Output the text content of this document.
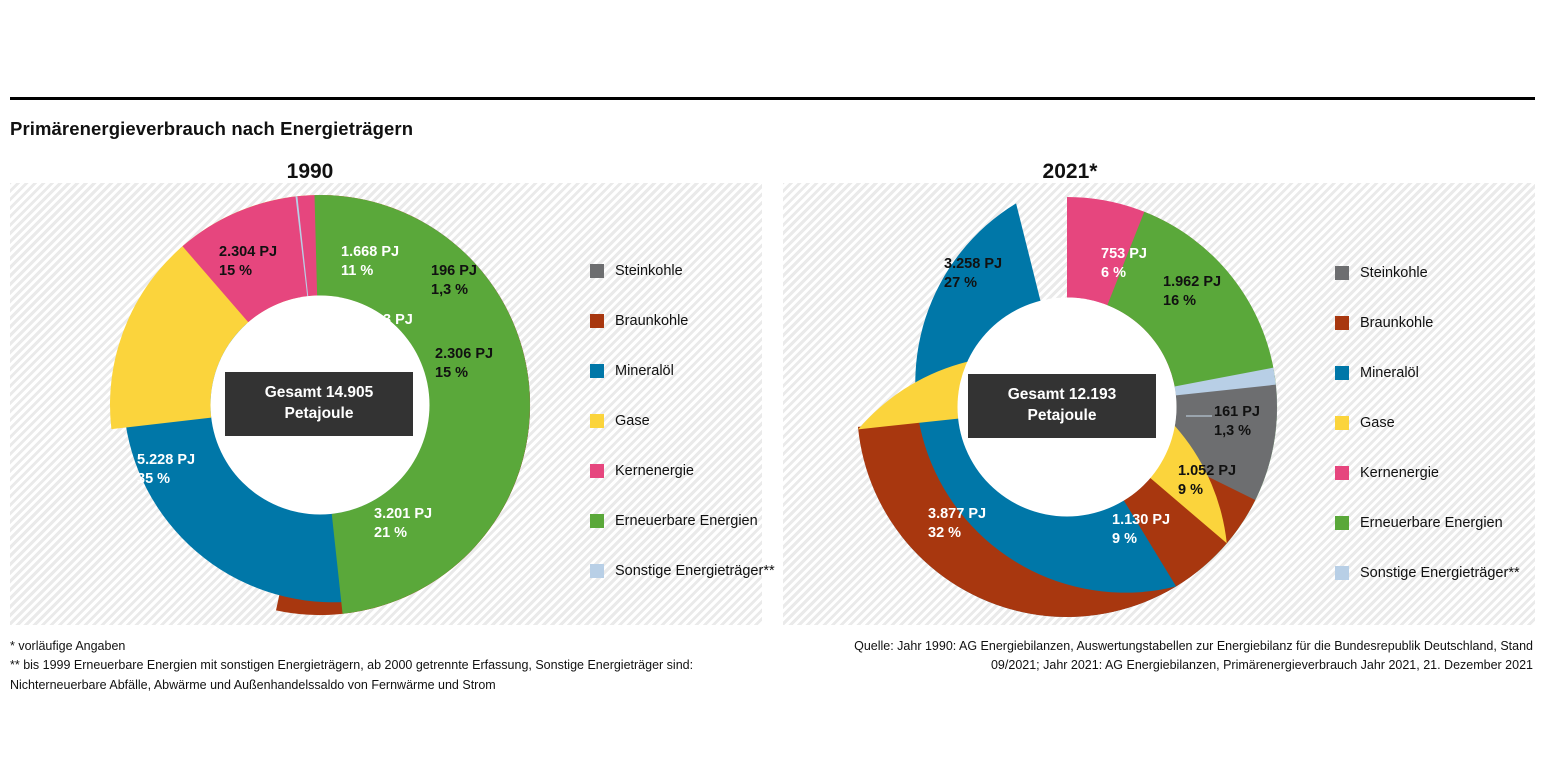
Primärenergieverbrauch nach Energieträgern
1990
Gesamt 14.905
Petajoule
2.306 PJ
15 %
3.201 PJ
21 %
5.228 PJ
35 %
2.304 PJ
15 %
1.668 PJ
11 %	196 PJ
1,3 %
3 PJ
Steinkohle
Braunkohle
Mineralöl
Gase
Kernenergie
Erneuerbare Energien
Sonstige Energieträger**
2021*
Gesamt 12.193
Petajoule
1.052 PJ
9 %
1.130 PJ
9 %
3.877 PJ
32 %
3.258 PJ
27 %
753 PJ
6 %
1.962 PJ
16 %
161 PJ
1,3 %
Steinkohle
Braunkohle
Mineralöl
Gase
Kernenergie
Erneuerbare Energien
Sonstige Energieträger**
* vorläufige Angaben
** bis 1999 Erneuerbare Energien mit sonstigen Energieträgern, ab 2000 getrennte Erfassung, Sonstige Energieträger sind:
Nichterneuerbare Abfälle, Abwärme und Außenhandelssaldo von Fernwärme und Strom
Quelle: Jahr 1990: AG Energiebilanzen, Auswertungstabellen zur Energiebilanz für die Bundesrepublik Deutschland, Stand
09/2021; Jahr 2021: AG Energiebilanzen, Primärenergieverbrauch Jahr 2021, 21. Dezember 2021
